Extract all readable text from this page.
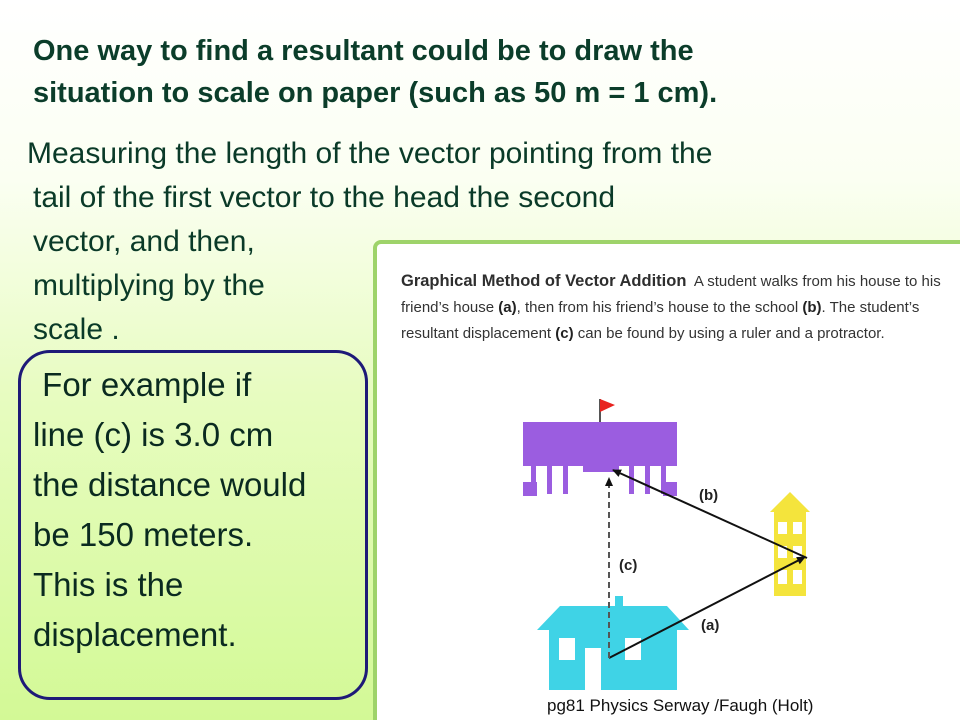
One way to find a resultant could be to draw the
situation to scale on paper (such as 50 m = 1 cm).
Measuring the length of the vector pointing from the
tail of the first vector to the head the second
vector, and then,
multiplying by the
scale .
For example if
line (c) is 3.0 cm
the distance would
be 150 meters.
This is the
displacement.
Graphical Method of Vector Addition A student walks from his house to his friend’s house (a), then from his friend’s house to the school (b). The student’s resultant displacement (c) can be found by using a ruler and a protractor.
(b)
(c)
(a)
pg81 Physics Serway /Faugh (Holt)
